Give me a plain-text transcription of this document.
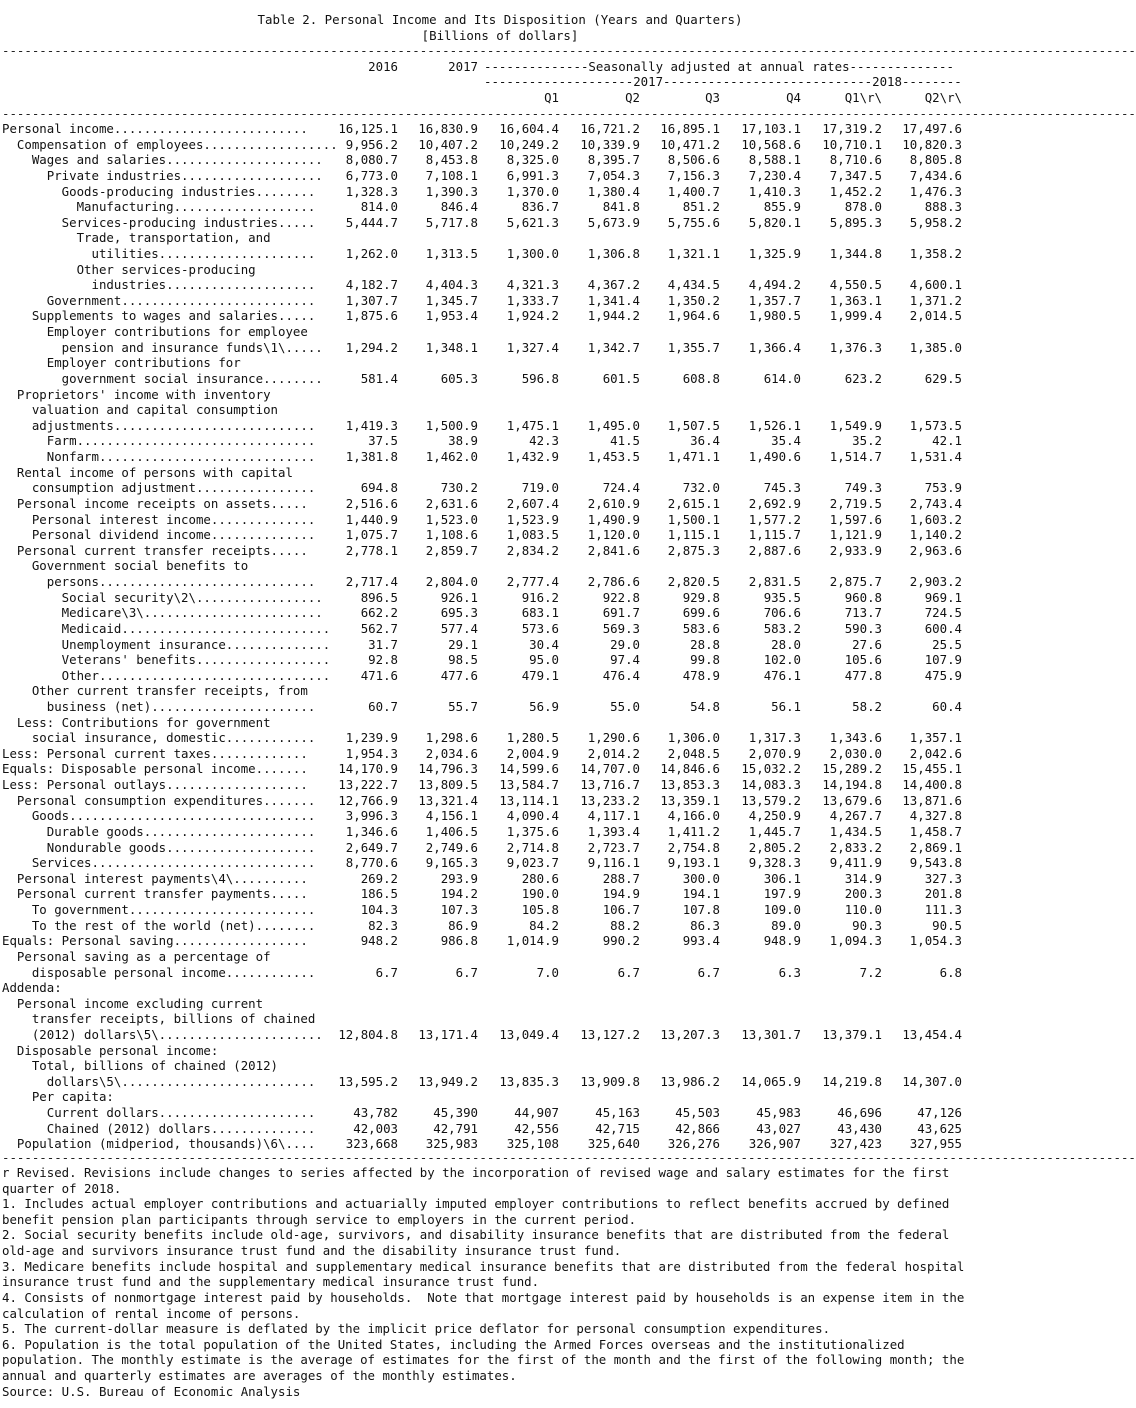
Table 2. Personal Income and Its Disposition (Years and Quarters)
[Billions of dollars]
--------------------------------------------------------------------------------------------------------------------------------------------------------
2016	2017 --------------Seasonally adjusted at annual rates--------------
--------------------2017--------------------
---------2018--------
Q1	Q2	Q3	Q4	Q1\r\	Q2\r\
--------------------------------------------------------------------------------------------------------------------------------------------------------
Personal income..........................	16,125.1	16,830.9	16,604.4	16,721.2	16,895.1	17,103.1	17,319.2	17,497.6
Compensation of employees.................. 9,956.2	10,407.2	10,249.2	10,339.9	10,471.2	10,568.6	10,710.1	10,820.3
Wages and salaries.....................	8,080.7	8,453.8	8,325.0	8,395.7	8,506.6	8,588.1	8,710.6	8,805.8
Private industries...................	6,773.0	7,108.1	6,991.3	7,054.3	7,156.3	7,230.4	7,347.5	7,434.6
Goods-producing industries........	1,328.3	1,390.3	1,370.0	1,380.4	1,400.7	1,410.3	1,452.2	1,476.3
Manufacturing...................	814.0	846.4	836.7	841.8	851.2	855.9	878.0	888.3
Services-producing industries.....	5,444.7	5,717.8	5,621.3	5,673.9	5,755.6	5,820.1	5,895.3	5,958.2
Trade, transportation, and
utilities.....................	1,262.0	1,313.5	1,300.0	1,306.8	1,321.1	1,325.9	1,344.8	1,358.2
Other services-producing
industries....................	4,182.7	4,404.3	4,321.3	4,367.2	4,434.5	4,494.2	4,550.5	4,600.1
Government..........................	1,307.7	1,345.7	1,333.7	1,341.4	1,350.2	1,357.7	1,363.1	1,371.2
Supplements to wages and salaries.....	1,875.6	1,953.4	1,924.2	1,944.2	1,964.6	1,980.5	1,999.4	2,014.5
Employer contributions for employee
pension and insurance funds\1\.....	1,294.2	1,348.1	1,327.4	1,342.7	1,355.7	1,366.4	1,376.3	1,385.0
Employer contributions for
government social insurance........	581.4	605.3	596.8	601.5	608.8	614.0	623.2	629.5
Proprietors' income with inventory
valuation and capital consumption
adjustments...........................	1,419.3	1,500.9	1,475.1	1,495.0	1,507.5	1,526.1	1,549.9	1,573.5
Farm................................	37.5	38.9	42.3	41.5	36.4	35.4	35.2	42.1
Nonfarm.............................	1,381.8	1,462.0	1,432.9	1,453.5	1,471.1	1,490.6	1,514.7	1,531.4
Rental income of persons with capital
consumption adjustment................	694.8	730.2	719.0	724.4	732.0	745.3	749.3	753.9
Personal income receipts on assets.....	2,516.6	2,631.6	2,607.4	2,610.9	2,615.1	2,692.9	2,719.5	2,743.4
Personal interest income..............	1,440.9	1,523.0	1,523.9	1,490.9	1,500.1	1,577.2	1,597.6	1,603.2
Personal dividend income..............	1,075.7	1,108.6	1,083.5	1,120.0	1,115.1	1,115.7	1,121.9	1,140.2
Personal current transfer receipts.....	2,778.1	2,859.7	2,834.2	2,841.6	2,875.3	2,887.6	2,933.9	2,963.6
Government social benefits to
persons.............................	2,717.4	2,804.0	2,777.4	2,786.6	2,820.5	2,831.5	2,875.7	2,903.2
Social security\2\.................	896.5	926.1	916.2	922.8	929.8	935.5	960.8	969.1
Medicare\3\........................	662.2	695.3	683.1	691.7	699.6	706.6	713.7	724.5
Medicaid............................	562.7	577.4	573.6	569.3	583.6	583.2	590.3	600.4
Unemployment insurance..............	31.7	29.1	30.4	29.0	28.8	28.0	27.6	25.5
Veterans' benefits..................	92.8	98.5	95.0	97.4	99.8	102.0	105.6	107.9
Other...............................	471.6	477.6	479.1	476.4	478.9	476.1	477.8	475.9
Other current transfer receipts, from
business (net)......................	60.7	55.7	56.9	55.0	54.8	56.1	58.2	60.4
Less: Contributions for government
social insurance, domestic............	1,239.9	1,298.6	1,280.5	1,290.6	1,306.0	1,317.3	1,343.6	1,357.1
Less: Personal current taxes.............	1,954.3	2,034.6	2,004.9	2,014.2	2,048.5	2,070.9	2,030.0	2,042.6
Equals: Disposable personal income.......	14,170.9	14,796.3	14,599.6	14,707.0	14,846.6	15,032.2	15,289.2	15,455.1
Less: Personal outlays...................	13,222.7	13,809.5	13,584.7	13,716.7	13,853.3	14,083.3	14,194.8	14,400.8
Personal consumption expenditures.......	12,766.9	13,321.4	13,114.1	13,233.2	13,359.1	13,579.2	13,679.6	13,871.6
Goods.................................	3,996.3	4,156.1	4,090.4	4,117.1	4,166.0	4,250.9	4,267.7	4,327.8
Durable goods.......................	1,346.6	1,406.5	1,375.6	1,393.4	1,411.2	1,445.7	1,434.5	1,458.7
Nondurable goods....................	2,649.7	2,749.6	2,714.8	2,723.7	2,754.8	2,805.2	2,833.2	2,869.1
Services..............................	8,770.6	9,165.3	9,023.7	9,116.1	9,193.1	9,328.3	9,411.9	9,543.8
Personal interest payments\4\..........	269.2	293.9	280.6	288.7	300.0	306.1	314.9	327.3
Personal current transfer payments.....	186.5	194.2	190.0	194.9	194.1	197.9	200.3	201.8
To government.........................	104.3	107.3	105.8	106.7	107.8	109.0	110.0	111.3
To the rest of the world (net)........	82.3	86.9	84.2	88.2	86.3	89.0	90.3	90.5
Equals: Personal saving..................	948.2	986.8	1,014.9	990.2	993.4	948.9	1,094.3	1,054.3
Personal saving as a percentage of
disposable personal income............	6.7	6.7	7.0	6.7	6.7	6.3	7.2	6.8
Addenda:
Personal income excluding current
transfer receipts, billions of chained
(2012) dollars\5\......................	12,804.8	13,171.4	13,049.4	13,127.2	13,207.3	13,301.7	13,379.1	13,454.4
Disposable personal income:
Total, billions of chained (2012)
dollars\5\..........................	13,595.2	13,949.2	13,835.3	13,909.8	13,986.2	14,065.9	14,219.8	14,307.0
Per capita:
Current dollars.....................	43,782	45,390	44,907	45,163	45,503	45,983	46,696	47,126
Chained (2012) dollars..............	42,003	42,791	42,556	42,715	42,866	43,027	43,430	43,625
Population (midperiod, thousands)\6\....	323,668	325,983	325,108	325,640	326,276	326,907	327,423	327,955
--------------------------------------------------------------------------------------------------------------------------------------------------------
r Revised. Revisions include changes to series affected by the incorporation of revised wage and salary estimates for the first
quarter of 2018.
1. Includes actual employer contributions and actuarially imputed employer contributions to reflect benefits accrued by defined
benefit pension plan participants through service to employers in the current period.
2. Social security benefits include old-age, survivors, and disability insurance benefits that are distributed from the federal
old-age and survivors insurance trust fund and the disability insurance trust fund.
3. Medicare benefits include hospital and supplementary medical insurance benefits that are distributed from the federal hospital
insurance trust fund and the supplementary medical insurance trust fund.
4. Consists of nonmortgage interest paid by households.  Note that mortgage interest paid by households is an expense item in the
calculation of rental income of persons.
5. The current-dollar measure is deflated by the implicit price deflator for personal consumption expenditures.
6. Population is the total population of the United States, including the Armed Forces overseas and the institutionalized
population. The monthly estimate is the average of estimates for the first of the month and the first of the following month; the
annual and quarterly estimates are averages of the monthly estimates.
Source: U.S. Bureau of Economic Analysis
